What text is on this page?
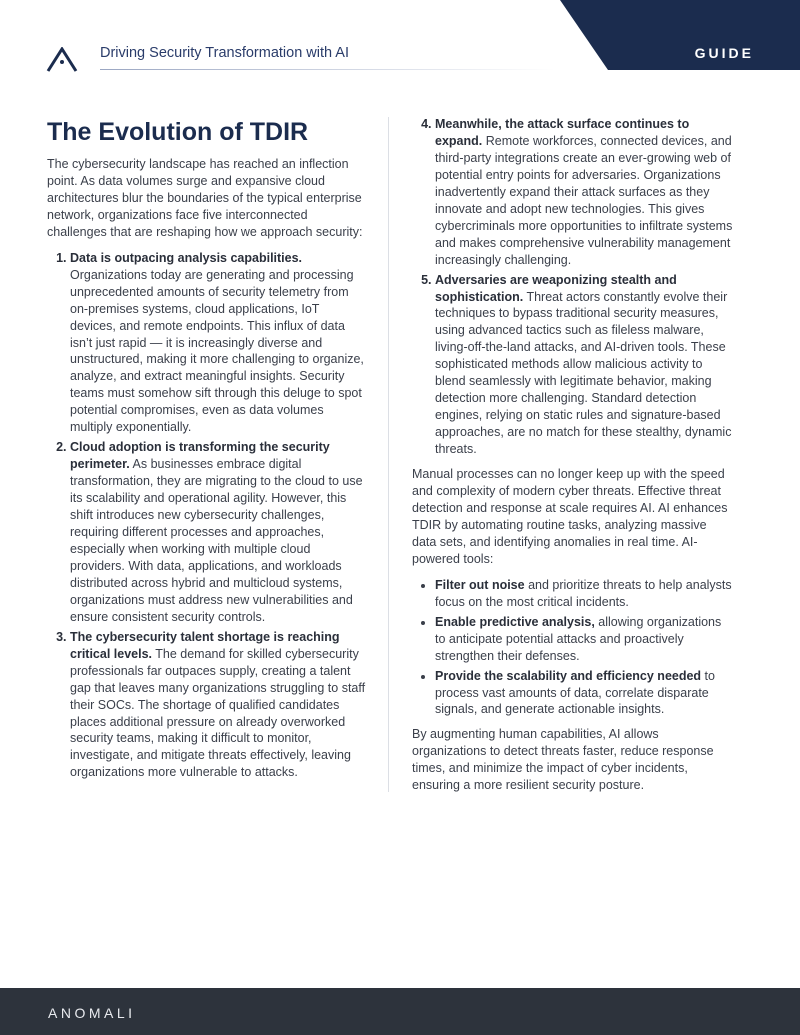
GUIDE
Driving Security Transformation with AI
The Evolution of TDIR

The cybersecurity landscape has reached an inflection point. As data volumes surge and expansive cloud architectures blur the boundaries of the typical enterprise network, organizations face five interconnected challenges that are reshaping how we approach security:

1. Data is outpacing analysis capabilities. Organizations today are generating and processing unprecedented amounts of security telemetry from on-premises systems, cloud applications, IoT devices, and remote endpoints. This influx of data isn’t just rapid — it is increasingly diverse and unstructured, making it more challenging to organize, analyze, and extract meaningful insights. Security teams must somehow sift through this deluge to spot potential compromises, even as data volumes multiply exponentially.
2. Cloud adoption is transforming the security perimeter. As businesses embrace digital transformation, they are migrating to the cloud to use its scalability and operational agility. However, this shift introduces new cybersecurity challenges, requiring different processes and approaches, especially when working with multiple cloud providers. With data, applications, and workloads distributed across hybrid and multicloud systems, organizations must address new vulnerabilities and ensure consistent security controls.
3. The cybersecurity talent shortage is reaching critical levels. The demand for skilled cybersecurity professionals far outpaces supply, creating a talent gap that leaves many organizations struggling to staff their SOCs. The shortage of qualified candidates places additional pressure on already overworked security teams, making it difficult to monitor, investigate, and mitigate threats effectively, leaving organizations more vulnerable to attacks.
4. Meanwhile, the attack surface continues to expand. Remote workforces, connected devices, and third-party integrations create an ever-growing web of potential entry points for adversaries. Organizations inadvertently expand their attack surfaces as they innovate and adopt new technologies. This gives cybercriminals more opportunities to infiltrate systems and makes comprehensive vulnerability management increasingly challenging.
5. Adversaries are weaponizing stealth and sophistication. Threat actors constantly evolve their techniques to bypass traditional security measures, using advanced tactics such as fileless malware, living-off-the-land attacks, and AI-driven tools. These sophisticated methods allow malicious activity to blend seamlessly with legitimate behavior, making detection more challenging. Standard detection engines, relying on static rules and signature-based approaches, are no match for these stealthy, dynamic threats.

Manual processes can no longer keep up with the speed and complexity of modern cyber threats. Effective threat detection and response at scale requires AI. AI enhances TDIR by automating routine tasks, analyzing massive data sets, and identifying anomalies in real time. AI-powered tools:

• Filter out noise and prioritize threats to help analysts focus on the most critical incidents.
• Enable predictive analysis, allowing organizations to anticipate potential attacks and proactively strengthen their defenses.
• Provide the scalability and efficiency needed to process vast amounts of data, correlate disparate signals, and generate actionable insights.

By augmenting human capabilities, AI allows organizations to detect threats faster, reduce response times, and minimize the impact of cyber incidents, ensuring a more resilient security posture.

ANOMALI
